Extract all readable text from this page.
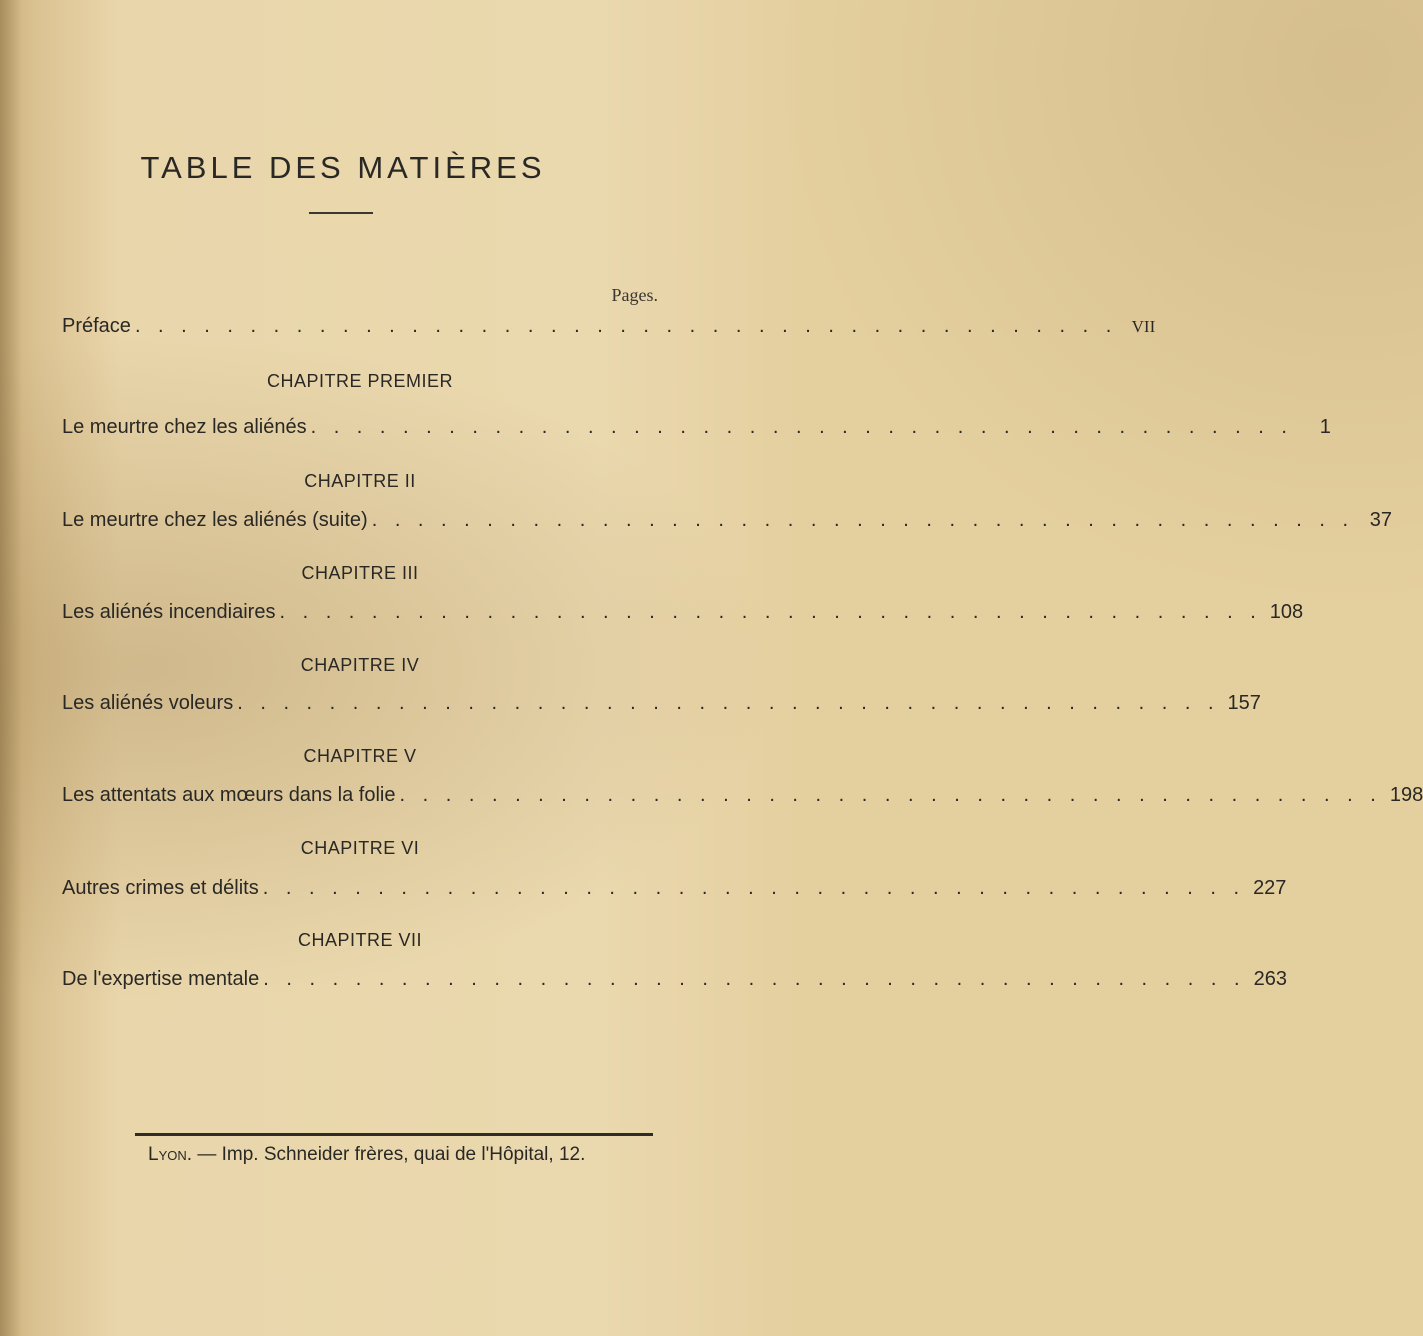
TABLE DES MATIÈRES
Pages.
Préface . . . . . . . . . . . . . . . . . . . . . . . . . . . . . . . . . . . . . . . . . . . VII
CHAPITRE PREMIER
Le meurtre chez les aliénés . . . . . . . . . . . . . . . . . . . . . . . . . . . . . . . . . . . . . . . . . . .	1
CHAPITRE II
Le meurtre chez les aliénés (suite) . . . . . . . . . . . . . . . . . . . . . . . . . . . . . . . . . . . . . . . . . . . 37
CHAPITRE III
Les aliénés incendiaires . . . . . . . . . . . . . . . . . . . . . . . . . . . . . . . . . . . . . . . . . . . 108
CHAPITRE IV
Les aliénés voleurs . . . . . . . . . . . . . . . . . . . . . . . . . . . . . . . . . . . . . . . . . . . 157
CHAPITRE V
Les attentats aux mœurs dans la folie . . . . . . . . . . . . . . . . . . . . . . . . . . . . . . . . . . . . . . . . . . . 198
CHAPITRE VI
Autres crimes et délits . . . . . . . . . . . . . . . . . . . . . . . . . . . . . . . . . . . . . . . . . . . 227
CHAPITRE VII
De l'expertise mentale . . . . . . . . . . . . . . . . . . . . . . . . . . . . . . . . . . . . . . . . . . . 263
Lyon. — Imp. Schneider frères, quai de l'Hôpital, 12.
